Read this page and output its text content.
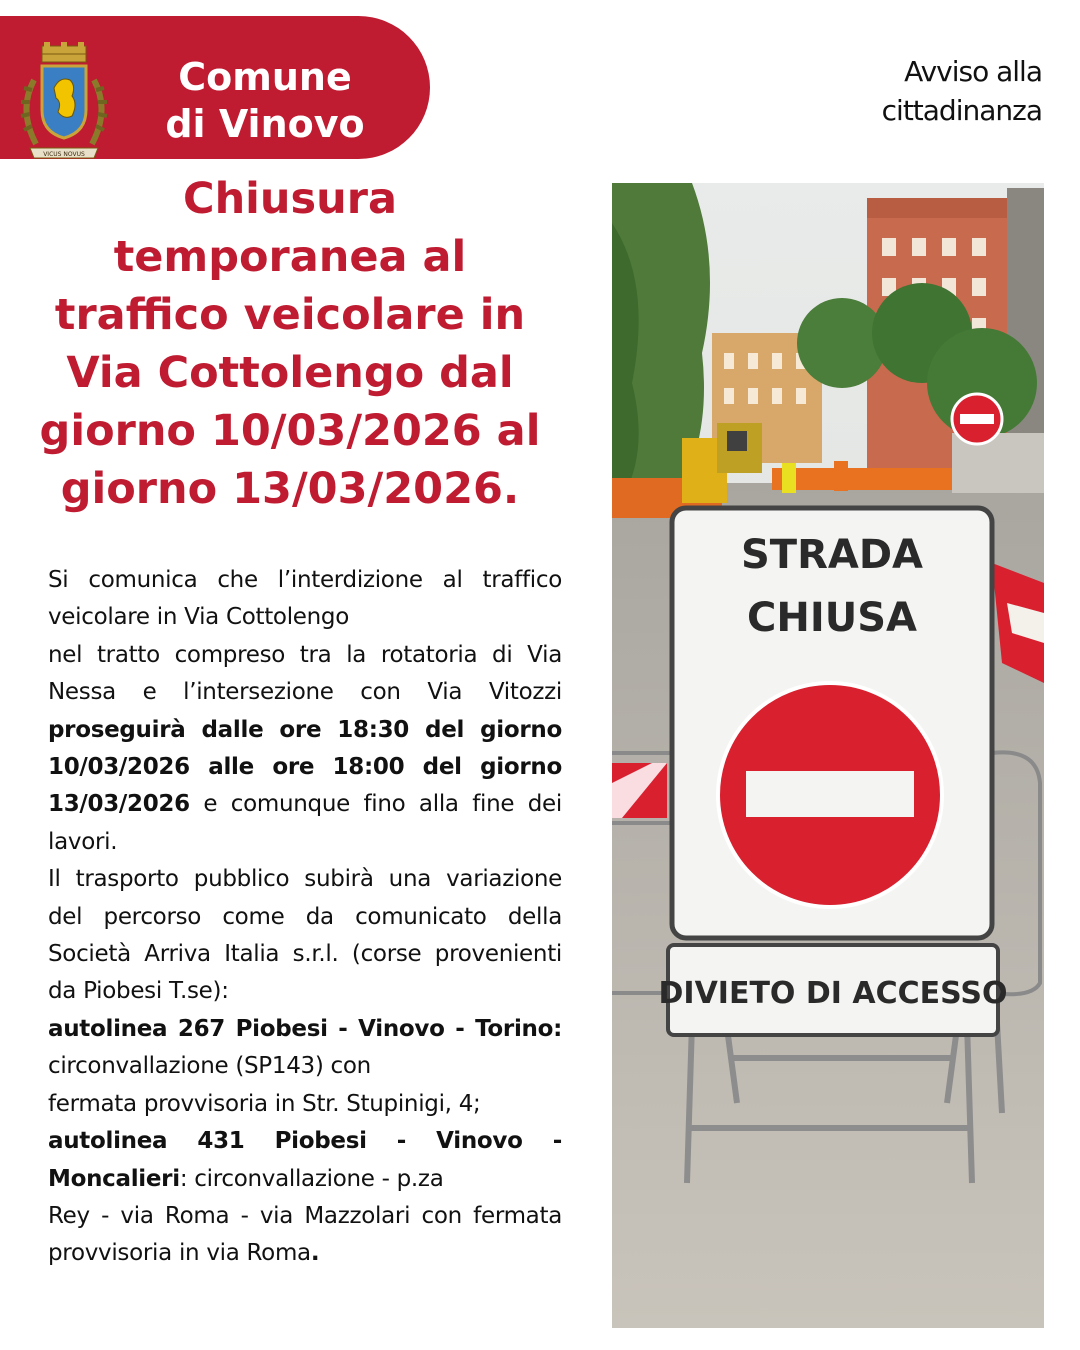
VICUS NOVUS
Comune
di Vinovo
Avviso alla
cittadinanza
Chiusura
temporanea al
traffico veicolare in
Via Cottolengo dal
giorno 10/03/2026 al
giorno 13/03/2026.

Si comunica che l’interdizione al traffico veicolare in Via Cottolengo
nel tratto compreso tra la rotatoria di Via Nessa e l’intersezione con Via Vitozzi proseguirà dalle ore 18:30 del giorno 10/03/2026 alle ore 18:00 del giorno 13/03/2026 e comunque fino alla fine dei lavori.

Il trasporto pubblico subirà una variazione del percorso come da comunicato della Società Arriva Italia s.r.l. (corse provenienti da Piobesi T.se):

autolinea 267 Piobesi - Vinovo - Torino: circonvallazione (SP143) con
fermata provvisoria in Str. Stupinigi, 4;

autolinea 431 Piobesi - Vinovo - Moncalieri: circonvallazione - p.za
Rey - via Roma - via Mazzolari con fermata provvisoria in via Roma.

STRADA
CHIUSA
DIVIETO DI ACCESSO
